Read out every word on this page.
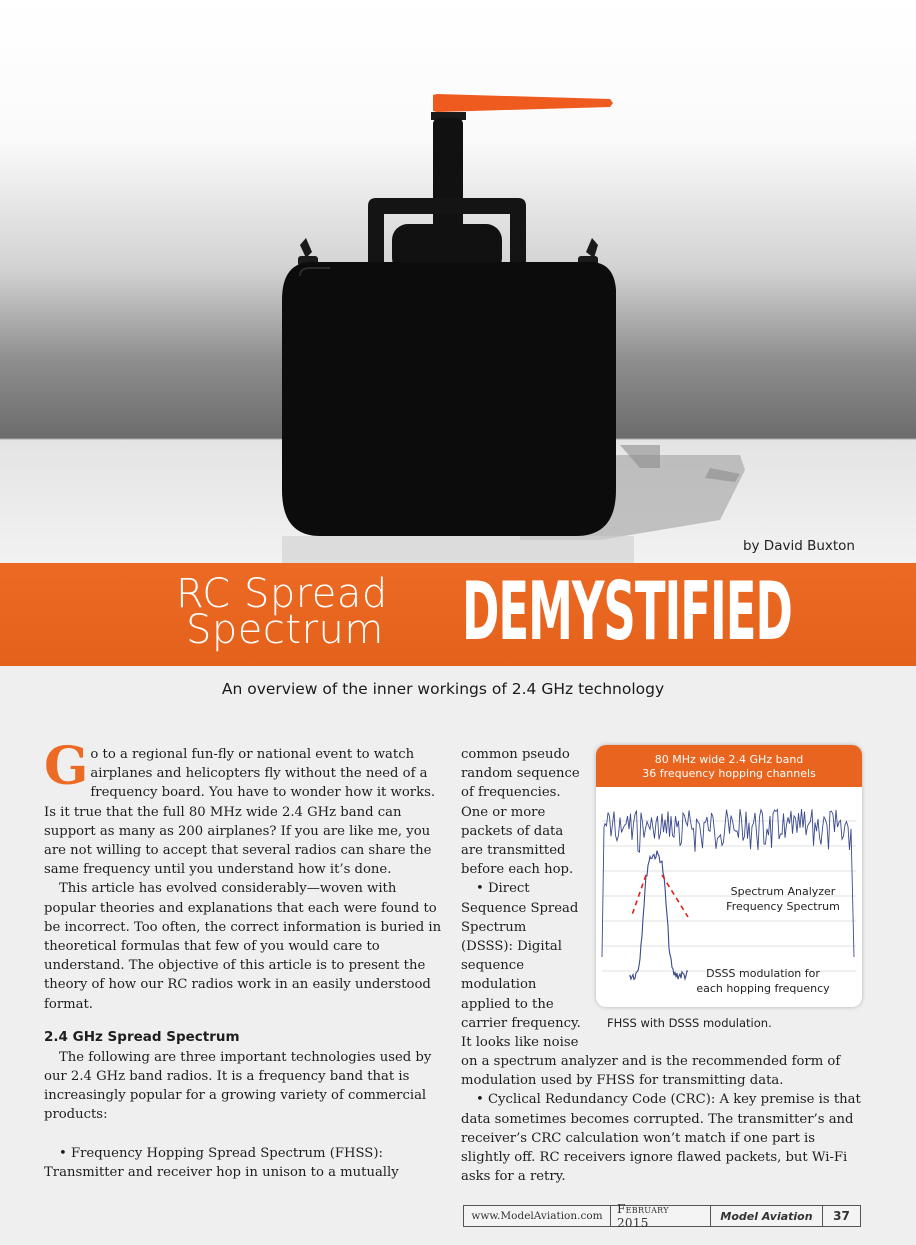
by David Buxton
RC Spread
Spectrum	DEMYSTIFIED
An overview of the inner workings of 2.4 GHz technology

Go to a regional fun-fly or national event to watch airplanes and helicopters fly without the need of a frequency board. You have to wonder how it works. Is it true that the full 80 MHz wide 2.4 GHz band can support as many as 200 airplanes? If you are like me, you are not willing to accept that several radios can share the same frequency until you understand how it’s done.

This article has evolved considerably—woven with popular theories and explanations that each were found to be incorrect. Too often, the correct information is buried in theoretical formulas that few of you would care to understand. The objective of this article is to present the theory of how our RC radios work in an easily understood format.

2.4 GHz Spread Spectrum

The following are three important technologies used by our 2.4 GHz band radios. It is a frequency band that is increasingly popular for a growing variety of commercial products:

• Frequency Hopping Spread Spectrum (FHSS): Transmitter and receiver hop in unison to a mutually

common pseudo random sequence of frequencies. One or more packets of data are transmitted before each hop.

• Direct Sequence Spread Spectrum (DSSS): Digital sequence modulation applied to the carrier frequency. It looks like noise

on a spectrum analyzer and is the recommended form of modulation used by FHSS for transmitting data.

• Cyclical Redundancy Code (CRC): A key premise is that data sometimes becomes corrupted. The transmitter’s and receiver’s CRC calculation won’t match if one part is slightly off. RC receivers ignore flawed packets, but Wi-Fi asks for a retry.

80 MHz wide 2.4 GHz band
36 frequency hopping channels
Spectrum Analyzer
Frequency Spectrum
DSSS modulation for
each hopping frequency
FHSS with DSSS modulation.
www.ModelAviation.com	February 2015	Model Aviation	37
